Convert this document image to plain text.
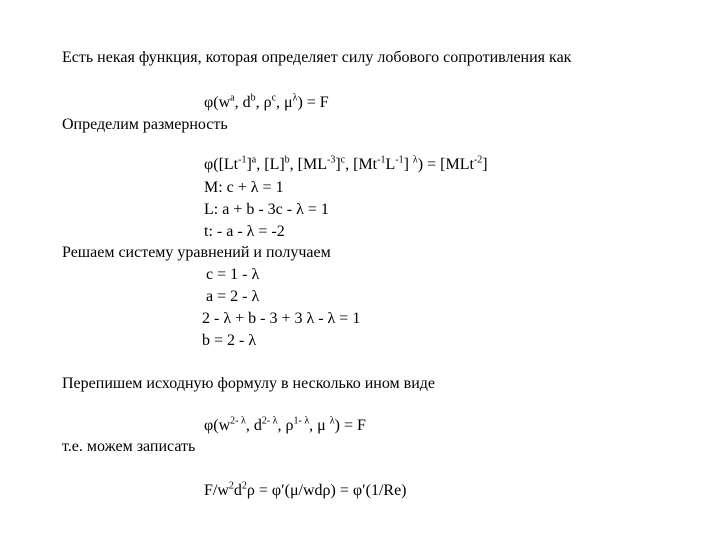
Есть некая функция, которая определяет силу лобового сопротивления как
$\varphi(w^a$, $d^b$, $\rho^c$, $\mu^\lambda) = F$
Определим размерность
$\varphi([Lt^{-1}]^a$, $[L]^b$, $[ML^{-3}]^c$, $[Mt^{-1}L^{-1}] ^\lambda) = [MLt^{-2}]$
M: c + λ = 1
L: a + b - 3c - λ = 1
t: - a - λ = -2
Решаем систему уравнений и получаем
c = 1 - λ
a = 2 - λ
2 - λ + b - 3 + 3 λ - λ = 1
b = 2 - λ
Перепишем исходную формулу в несколько ином виде
$\varphi(w^{2- \lambda}$, $d^{2- \lambda}$, $\rho^{1- \lambda}$, μ $^\lambda$) = F
т.е. можем записать
$F/w^2d^2\rho = \varphi'(\mu/wd\rho) = \varphi'(1/Re)$
